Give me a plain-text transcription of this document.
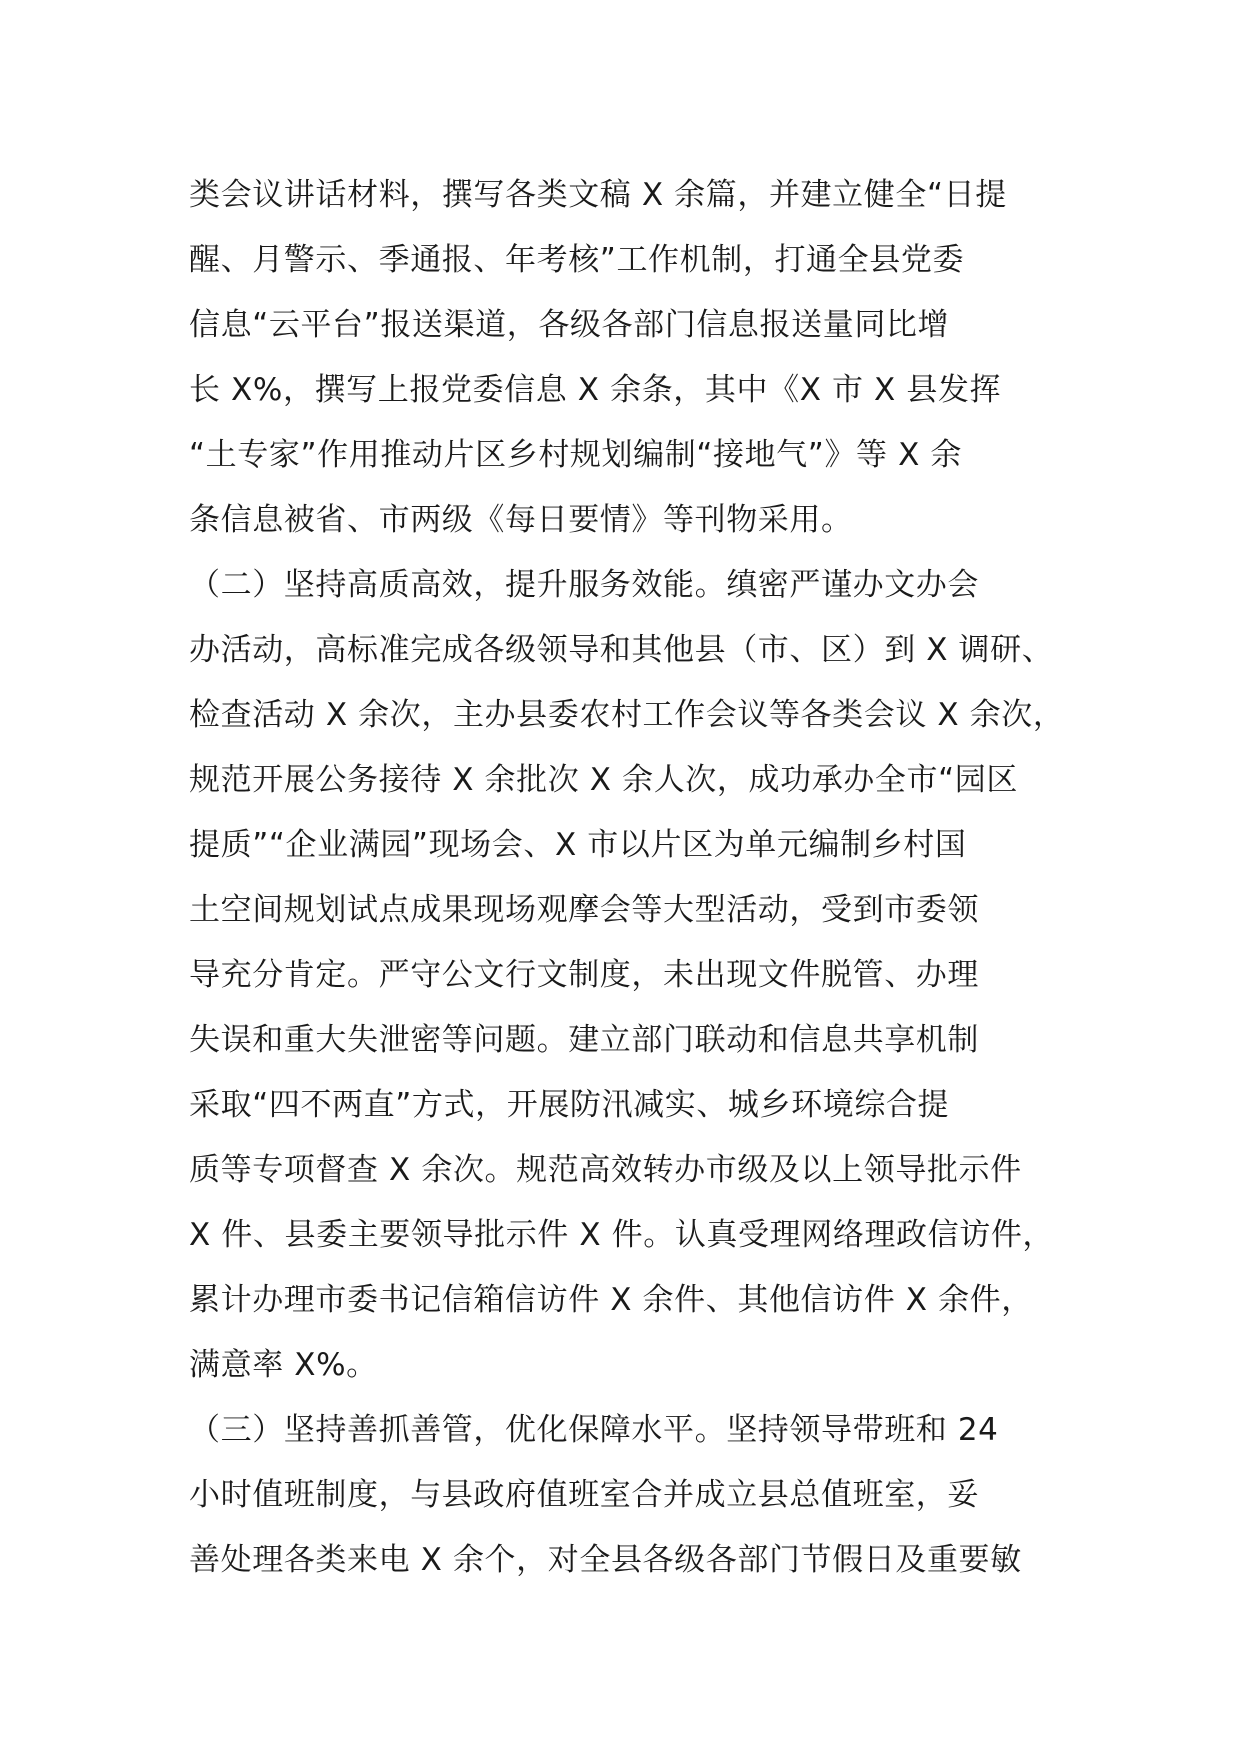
类会议讲话材料，撰写各类文稿 X 余篇，并建立健全“日提
醒、月警示、季通报、年考核”工作机制，打通全县党委
信息“云平台”报送渠道，各级各部门信息报送量同比增
长 X%，撰写上报党委信息 X 余条，其中《X 市 X 县发挥
“土专家”作用推动片区乡村规划编制“接地气”》等 X 余
条信息被省、市两级《每日要情》等刊物采用。
（二）坚持高质高效，提升服务效能。缜密严谨办文办会
办活动，高标准完成各级领导和其他县（市、区）到 X 调研、
检查活动 X 余次，主办县委农村工作会议等各类会议 X 余次，
规范开展公务接待 X 余批次 X 余人次，成功承办全市“园区
提质”“企业满园”现场会、X 市以片区为单元编制乡村国
土空间规划试点成果现场观摩会等大型活动，受到市委领
导充分肯定。严守公文行文制度，未出现文件脱管、办理
失误和重大失泄密等问题。建立部门联动和信息共享机制
采取“四不两直”方式，开展防汛减实、城乡环境综合提
质等专项督查 X 余次。规范高效转办市级及以上领导批示件
X 件、县委主要领导批示件 X 件。认真受理网络理政信访件，
累计办理市委书记信箱信访件 X 余件、其他信访件 X 余件，
满意率 X%。
（三）坚持善抓善管，优化保障水平。坚持领导带班和 24
小时值班制度，与县政府值班室合并成立县总值班室，妥
善处理各类来电 X 余个，对全县各级各部门节假日及重要敏
